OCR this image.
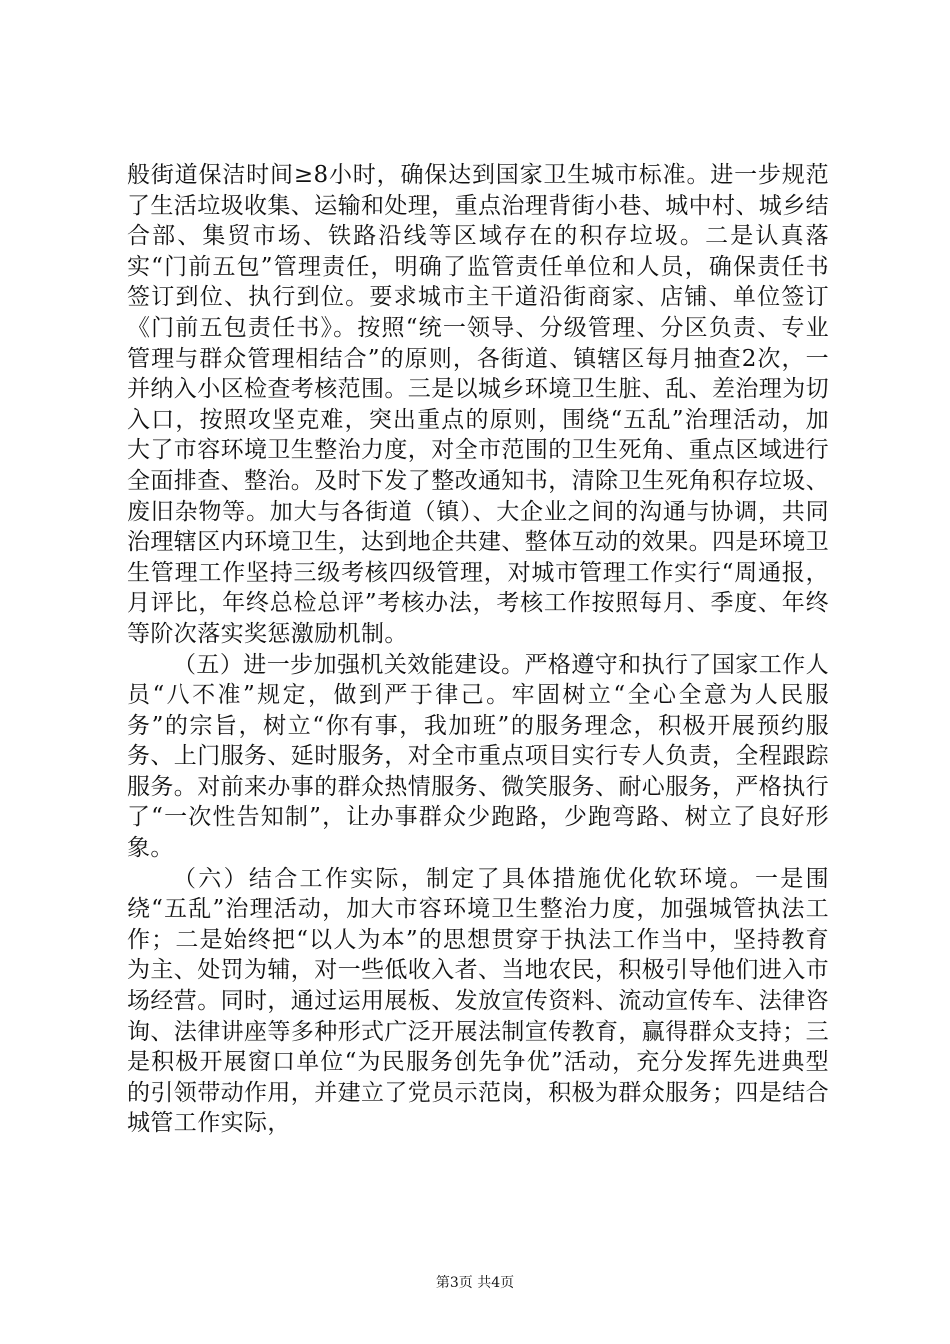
般街道保洁时间≥8小时，确保达到国家卫生城市标准。进一步规范了生活垃圾收集、运输和处理，重点治理背街小巷、城中村、城乡结合部、集贸市场、铁路沿线等区域存在的积存垃圾。二是认真落实“门前五包”管理责任，明确了监管责任单位和人员，确保责任书签订到位、执行到位。要求城市主干道沿街商家、店铺、单位签订《门前五包责任书》。按照“统一领导、分级管理、分区负责、专业管理与群众管理相结合”的原则，各街道、镇辖区每月抽查2次，一并纳入小区检查考核范围。三是以城乡环境卫生脏、乱、差治理为切入口，按照攻坚克难，突出重点的原则，围绕“五乱”治理活动，加大了市容环境卫生整治力度，对全市范围的卫生死角、重点区域进行全面排查、整治。及时下发了整改通知书，清除卫生死角积存垃圾、废旧杂物等。加大与各街道（镇）、大企业之间的沟通与协调，共同治理辖区内环境卫生，达到地企共建、整体互动的效果。四是环境卫生管理工作坚持三级考核四级管理，对城市管理工作实行“周通报，月评比，年终总检总评”考核办法，考核工作按照每月、季度、年终等阶次落实奖惩激励机制。

（五）进一步加强机关效能建设。严格遵守和执行了国家工作人员“八不准”规定，做到严于律己。牢固树立“全心全意为人民服务”的宗旨，树立“你有事，我加班”的服务理念，积极开展预约服务、上门服务、延时服务，对全市重点项目实行专人负责，全程跟踪服务。对前来办事的群众热情服务、微笑服务、耐心服务，严格执行了“一次性告知制”，让办事群众少跑路，少跑弯路、树立了良好形象。

（六）结合工作实际，制定了具体措施优化软环境。一是围绕“五乱”治理活动，加大市容环境卫生整治力度，加强城管执法工作；二是始终把“以人为本”的思想贯穿于执法工作当中，坚持教育为主、处罚为辅，对一些低收入者、当地农民，积极引导他们进入市场经营。同时，通过运用展板、发放宣传资料、流动宣传车、法律咨询、法律讲座等多种形式广泛开展法制宣传教育，赢得群众支持；三是积极开展窗口单位“为民服务创先争优”活动，充分发挥先进典型的引领带动作用，并建立了党员示范岗，积极为群众服务；四是结合城管工作实际，

第3页 共4页
